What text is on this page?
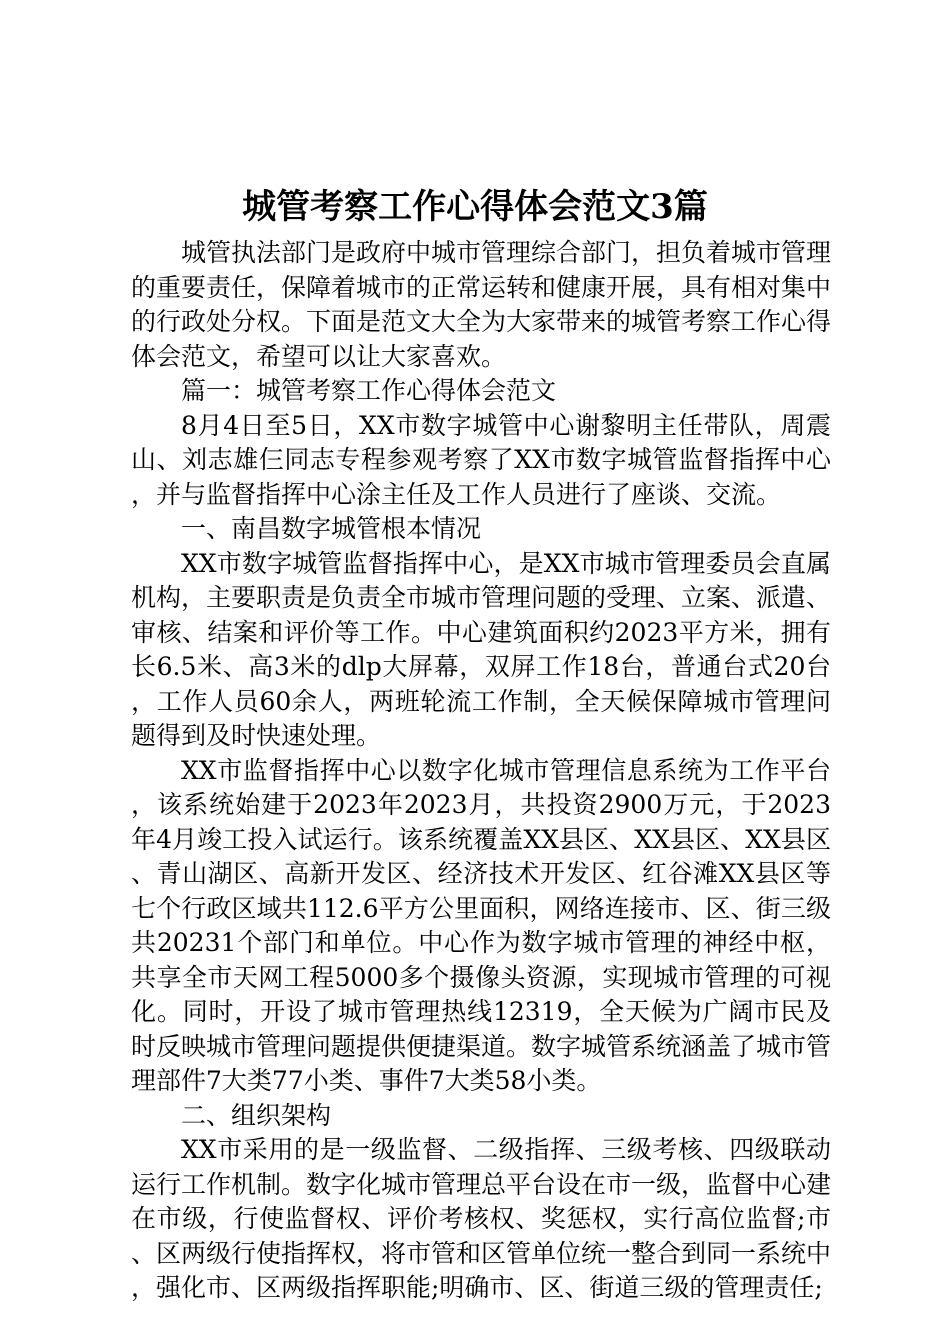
城管考察工作心得体会范文3篇

城管执法部门是政府中城市管理综合部门，担负着城市管理的重要责任，保障着城市的正常运转和健康开展，具有相对集中的行政处分权。下面是范文大全为大家带来的城管考察工作心得体会范文，希望可以让大家喜欢。

篇一：城管考察工作心得体会范文

8月4日至5日，XX市数字城管中心谢黎明主任带队，周震山、刘志雄仨同志专程参观考察了XX市数字城管监督指挥中心，并与监督指挥中心涂主任及工作人员进行了座谈、交流。

一、南昌数字城管根本情况

XX市数字城管监督指挥中心，是XX市城市管理委员会直属机构，主要职责是负责全市城市管理问题的受理、立案、派遣、审核、结案和评价等工作。中心建筑面积约2023平方米，拥有长6.5米、高3米的dlp大屏幕，双屏工作18台，普通台式20台，工作人员60余人，两班轮流工作制，全天候保障城市管理问题得到及时快速处理。

XX市监督指挥中心以数字化城市管理信息系统为工作平台，该系统始建于2023年2023月，共投资2900万元，于2023年4月竣工投入试运行。该系统覆盖XX县区、XX县区、XX县区、青山湖区、高新开发区、经济技术开发区、红谷滩XX县区等七个行政区域共112.6平方公里面积，网络连接市、区、街三级共20231个部门和单位。中心作为数字城市管理的神经中枢，共享全市天网工程5000多个摄像头资源，实现城市管理的可视化。同时，开设了城市管理热线12319，全天候为广阔市民及时反映城市管理问题提供便捷渠道。数字城管系统涵盖了城市管理部件7大类77小类、事件7大类58小类。

二、组织架构

XX市采用的是一级监督、二级指挥、三级考核、四级联动运行工作机制。数字化城市管理总平台设在市一级，监督中心建在市级，行使监督权、评价考核权、奖惩权，实行高位监督;市、区两级行使指挥权，将市管和区管单位统一整合到同一系统中，强化市、区两级指挥职能;明确市、区、街道三级的管理责任;
